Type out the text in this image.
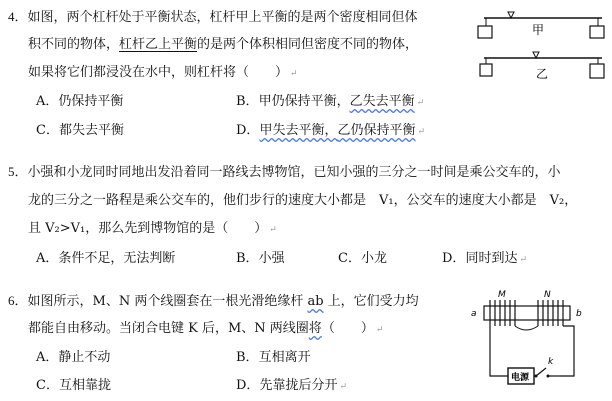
4．如图，两个杠杆处于平衡状态，杠杆甲上平衡的是两个密度相同但体
积不同的物体，杠杆乙上平衡的是两个体积相同但密度不同的物体，
如果将它们都浸没在水中，则杠杆将（　　） ↵
A．仍保持平衡	B．甲仍保持平衡，乙失去平衡 ↵
C．都失去平衡	D．甲失去平衡，乙仍保持平衡 ↵
甲
乙
5．小强和小龙同时同地出发沿着同一路线去博物馆，已知小强的三分之一时间是乘公交车的，小
龙的三分之一路程是乘公交车的，他们步行的速度大小都是　V₁，公交车的速度大小都是　V₂，
且 V₂>V₁，那么先到博物馆的是（　　） ↵
A．条件不足，无法判断	B．小强	C．小龙	D．同时到达 ↵
6．如图所示，M、N 两个线圈套在一根光滑绝缘杆 ab 上，它们受力均
都能自由移动。当闭合电键 K 后，M、N 两线圈将（　　） ↵
A．静止不动	B．互相离开
C．互相靠拢	D．先靠拢后分开 ↵
电源
M	N
a	b
k
